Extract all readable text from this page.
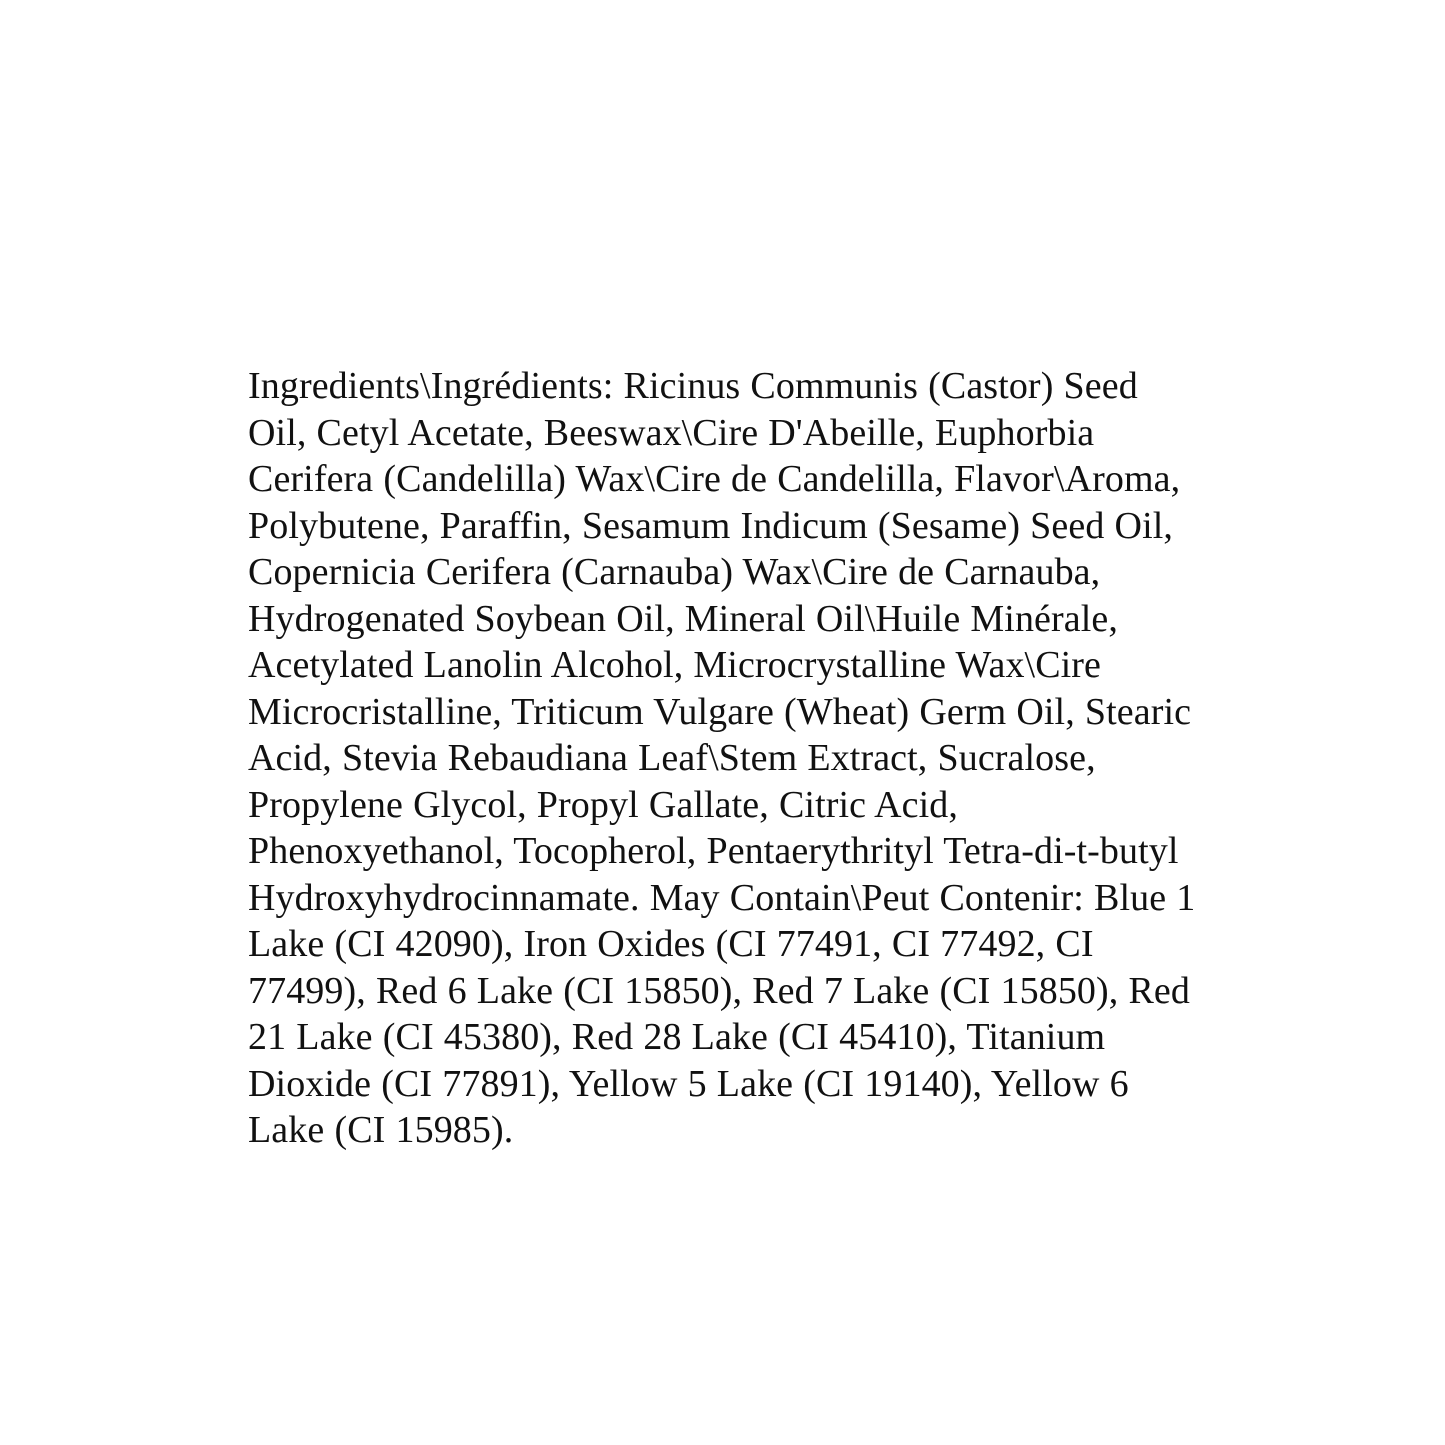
Ingredients\Ingrédients: Ricinus Communis (Castor) Seed Oil, Cetyl Acetate, Beeswax\Cire D'Abeille, Euphorbia Cerifera (Candelilla) Wax\Cire de Candelilla, Flavor\Aroma, Polybutene, Paraffin, Sesamum Indicum (Sesame) Seed Oil, Copernicia Cerifera (Carnauba) Wax\Cire de Carnauba, Hydrogenated Soybean Oil, Mineral Oil\Huile Minérale, Acetylated Lanolin Alcohol, Microcrystalline Wax\Cire Microcristalline, Triticum Vulgare (Wheat) Germ Oil, Stearic Acid, Stevia Rebaudiana Leaf\Stem Extract, Sucralose, Propylene Glycol, Propyl Gallate, Citric Acid, Phenoxyethanol, Tocopherol, Pentaerythrityl Tetra-di-t-butyl Hydroxyhydrocinnamate. May Contain\Peut Contenir: Blue 1 Lake (CI 42090), Iron Oxides (CI 77491, CI 77492, CI 77499), Red 6 Lake (CI 15850), Red 7 Lake (CI 15850), Red 21 Lake (CI 45380), Red 28 Lake (CI 45410), Titanium Dioxide (CI 77891), Yellow 5 Lake (CI 19140), Yellow 6 Lake (CI 15985).
